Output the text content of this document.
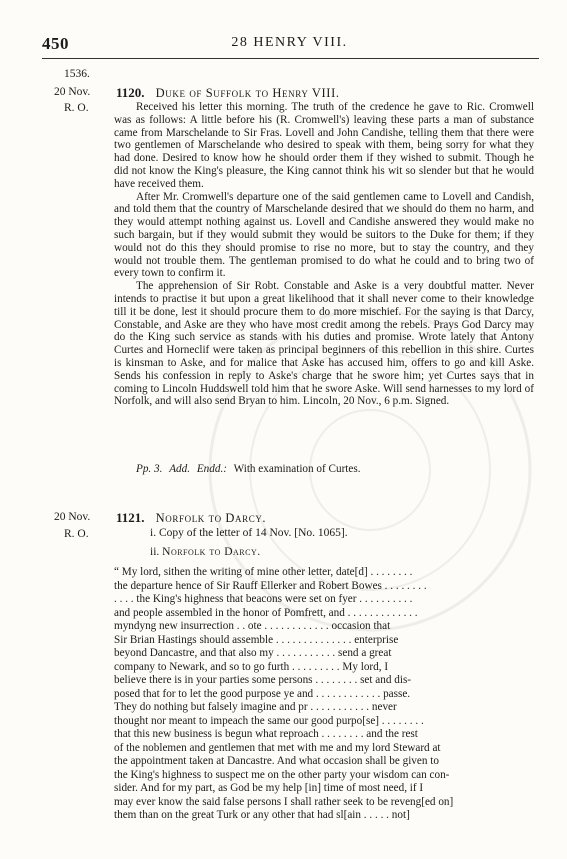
450	28 HENRY VIII.
1536.
20 Nov.
R. O.
1120. Duke of Suffolk to Henry VIII.

Received his letter this morning. The truth of the credence he gave to Ric. Cromwell was as follows: A little before his (R. Cromwell's) leaving these parts a man of substance came from Marschelande to Sir Fras. Lovell and John Candishe, telling them that there were two gentlemen of Marschelande who desired to speak with them, being sorry for what they had done. Desired to know how he should order them if they wished to submit. Though he did not know the King's pleasure, the King cannot think his wit so slender but that he would have received them.

After Mr. Cromwell's departure one of the said gentlemen came to Lovell and Candish, and told them that the country of Marschelande desired that we should do them no harm, and they would attempt nothing against us. Lovell and Candishe answered they would make no such bargain, but if they would submit they would be suitors to the Duke for them; if they would not do this they should promise to rise no more, but to stay the country, and they would not trouble them. The gentleman promised to do what he could and to bring two of every town to confirm it.

The apprehension of Sir Robt. Constable and Aske is a very doubtful matter. Never intends to practise it but upon a great likelihood that it shall never come to their knowledge till it be done, lest it should procure them to do more mischief. For the saying is that Darcy, Constable, and Aske are they who have most credit among the rebels. Prays God Darcy may do the King such service as stands with his duties and promise. Wrote lately that Antony Curtes and Horneclif were taken as principal beginners of this rebellion in this shire. Curtes is kinsman to Aske, and for malice that Aske has accused him, offers to go and kill Aske. Sends his confession in reply to Aske's charge that he swore him; yet Curtes says that in coming to Lincoln Huddswell told him that he swore Aske. Will send harnesses to my lord of Norfolk, and will also send Bryan to him. Lincoln, 20 Nov., 6 p.m. Signed.

Pp. 3. Add. Endd.: With examination of Curtes.
20 Nov.
R. O.
1121. Norfolk to Darcy.
i. Copy of the letter of 14 Nov. [No. 1065].
ii. Norfolk to Darcy.
“ My lord, sithen the writing of mine other letter, date[d] . . . . . . . .
the departure hence of Sir Rauff Ellerker and Robert Bowes . . . . . . . .
. . . . the King's highness that beacons were set on fyer . . . . . . . . . .
and people assembled in the honor of Pomfrett, and . . . . . . . . . . . . .
myndyng new insurrection . . ote . . . . . . . . . . . . occasion that
Sir Brian Hastings should assemble . . . . . . . . . . . . . . enterprise
beyond Dancastre, and that also my . . . . . . . . . . . send a great
company to Newark, and so to go furth . . . . . . . . . My lord, I
believe there is in your parties some persons . . . . . . . . set and dis-
posed that for to let the good purpose ye and . . . . . . . . . . . . passe.
They do nothing but falsely imagine and pr . . . . . . . . . . . never
thought nor meant to impeach the same our good purpo[se] . . . . . . . .
that this new business is begun what reproach . . . . . . . . and the rest
of the noblemen and gentlemen that met with me and my lord Steward at
the appointment taken at Dancastre. And what occasion shall be given to
the King's highness to suspect me on the other party your wisdom can con-
sider. And for my part, as God be my help [in] time of most need, if I
may ever know the said false persons I shall rather seek to be reveng[ed on]
them than on the great Turk or any other that had sl[ain . . . . . not]
